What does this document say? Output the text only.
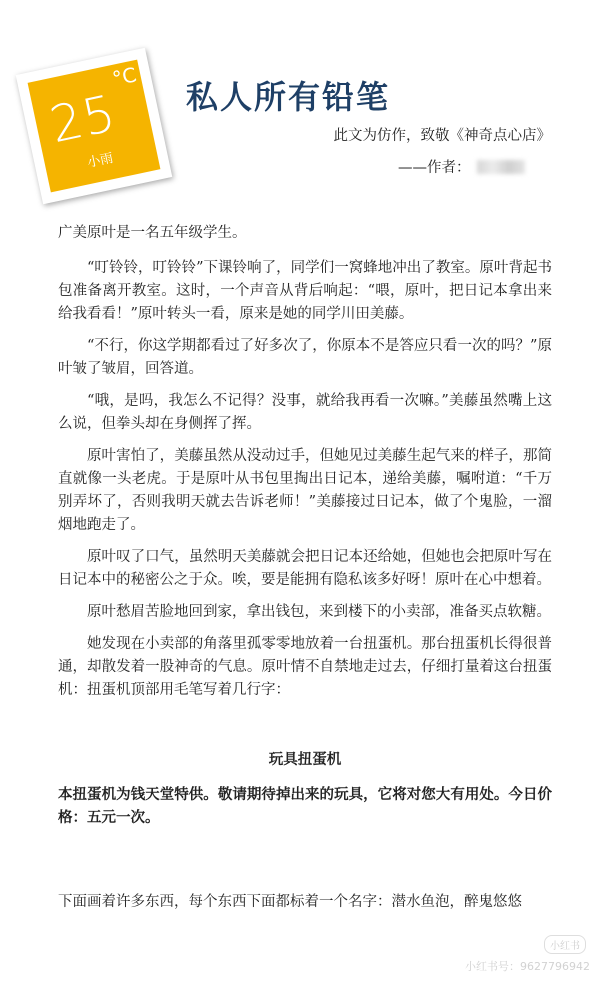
°C
25
小雨
私人所有铅笔
此文为仿作，致敬《神奇点心店》
——作者：

广美原叶是一名五年级学生。

“叮铃铃，叮铃铃”下课铃响了，同学们一窝蜂地冲出了教室。原叶背起书包准备离开教室。这时，一个声音从背后响起：“喂，原叶，把日记本拿出来给我看看！”原叶转头一看，原来是她的同学川田美藤。

“不行，你这学期都看过了好多次了，你原本不是答应只看一次的吗？”原叶皱了皱眉，回答道。

“哦，是吗，我怎么不记得？没事，就给我再看一次嘛。”美藤虽然嘴上这么说，但拳头却在身侧挥了挥。

原叶害怕了，美藤虽然从没动过手，但她见过美藤生起气来的样子，那简直就像一头老虎。于是原叶从书包里掏出日记本，递给美藤，嘱咐道：“千万别弄坏了，否则我明天就去告诉老师！”美藤接过日记本，做了个鬼脸，一溜烟地跑走了。

原叶叹了口气，虽然明天美藤就会把日记本还给她，但她也会把原叶写在日记本中的秘密公之于众。唉，要是能拥有隐私该多好呀！原叶在心中想着。

原叶愁眉苦脸地回到家，拿出钱包，来到楼下的小卖部，准备买点软糖。

她发现在小卖部的角落里孤零零地放着一台扭蛋机。那台扭蛋机长得很普通，却散发着一股神奇的气息。原叶情不自禁地走过去，仔细打量着这台扭蛋机：扭蛋机顶部用毛笔写着几行字：

玩具扭蛋机

本扭蛋机为钱天堂特供。敬请期待掉出来的玩具，它将对您大有用处。今日价格：五元一次。

下面画着许多东西，每个东西下面都标着一个名字：潜水鱼泡，醉鬼悠悠

小红书
小红书号：9627796942
